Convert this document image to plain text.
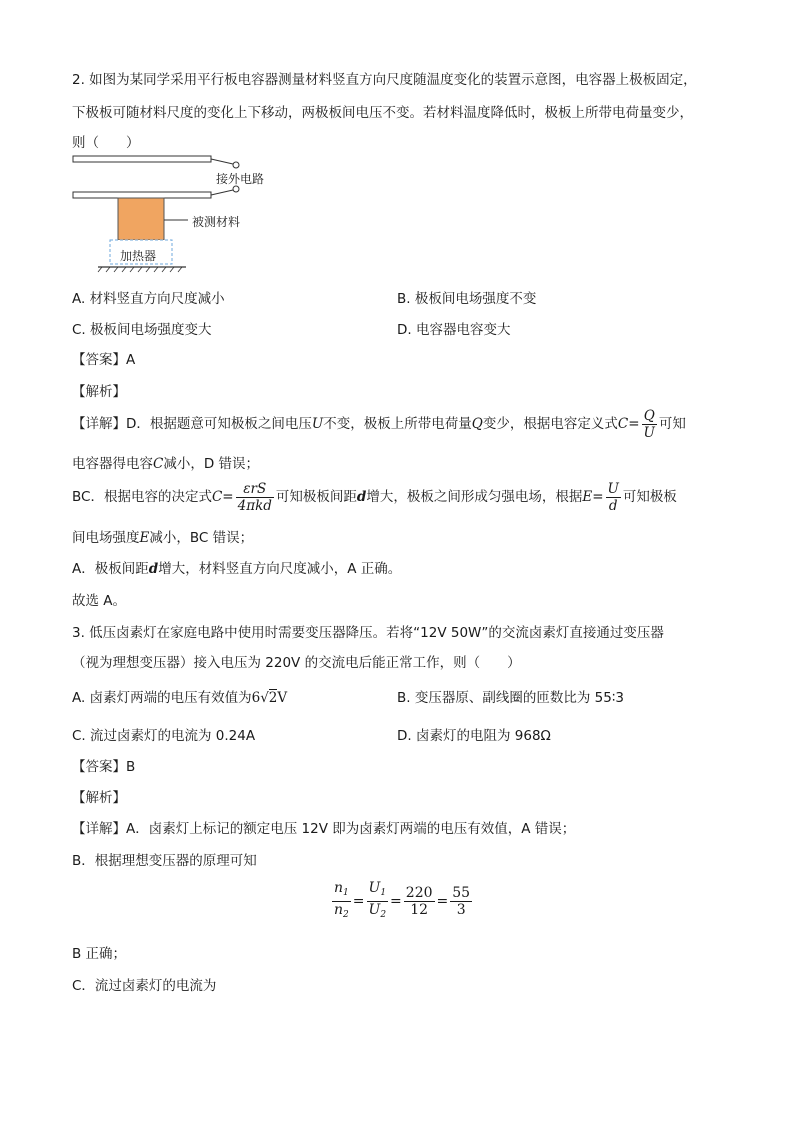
2. 如图为某同学采用平行板电容器测量材料竖直方向尺度随温度变化的装置示意图，电容器上极板固定，
下极板可随材料尺度的变化上下移动，两极板间电压不变。若材料温度降低时，极板上所带电荷量变少，
则（　　）
接外电路
被测材料
加热器
A. 材料竖直方向尺度减小	B. 极板间电场强度不变
C. 极板间电场强度变大	D. 电容器电容变大
【答案】A
【解析】
【详解】D．根据题意可知极板之间电压U不变，极板上所带电荷量Q变少，根据电容定义式$C= \frac{Q}{U}$ 可知
电容器得电容C减小，D 错误；
BC．根据电容的决定式$C= \frac{\text{εrS}}{\text{4πkd}}$ 可知极板间距d增大，极板之间形成匀强电场，根据$E= \frac{U}{d}$ 可知极板
间电场强度E减小，BC 错误；
A．极板间距d增大，材料竖直方向尺度减小，A 正确。
故选 A。
3. 低压卤素灯在家庭电路中使用时需要变压器降压。若将“12V 50W”的交流卤素灯直接通过变压器
（视为理想变压器）接入电压为 220V 的交流电后能正常工作，则（　　）
A. 卤素灯两端的电压有效值为6√2V	B. 变压器原、副线圈的匝数比为 55∶3
C. 流过卤素灯的电流为 0.24A	D. 卤素灯的电阻为 968Ω
【答案】B
【解析】
【详解】A．卤素灯上标记的额定电压 12V 即为卤素灯两端的电压有效值，A 错误；
B．根据理想变压器的原理可知
$\frac{n_1}{n_2} = \frac{U_1}{U_2} = \frac{220}{12} = \frac{55}{3}$
B 正确；
C．流过卤素灯的电流为
